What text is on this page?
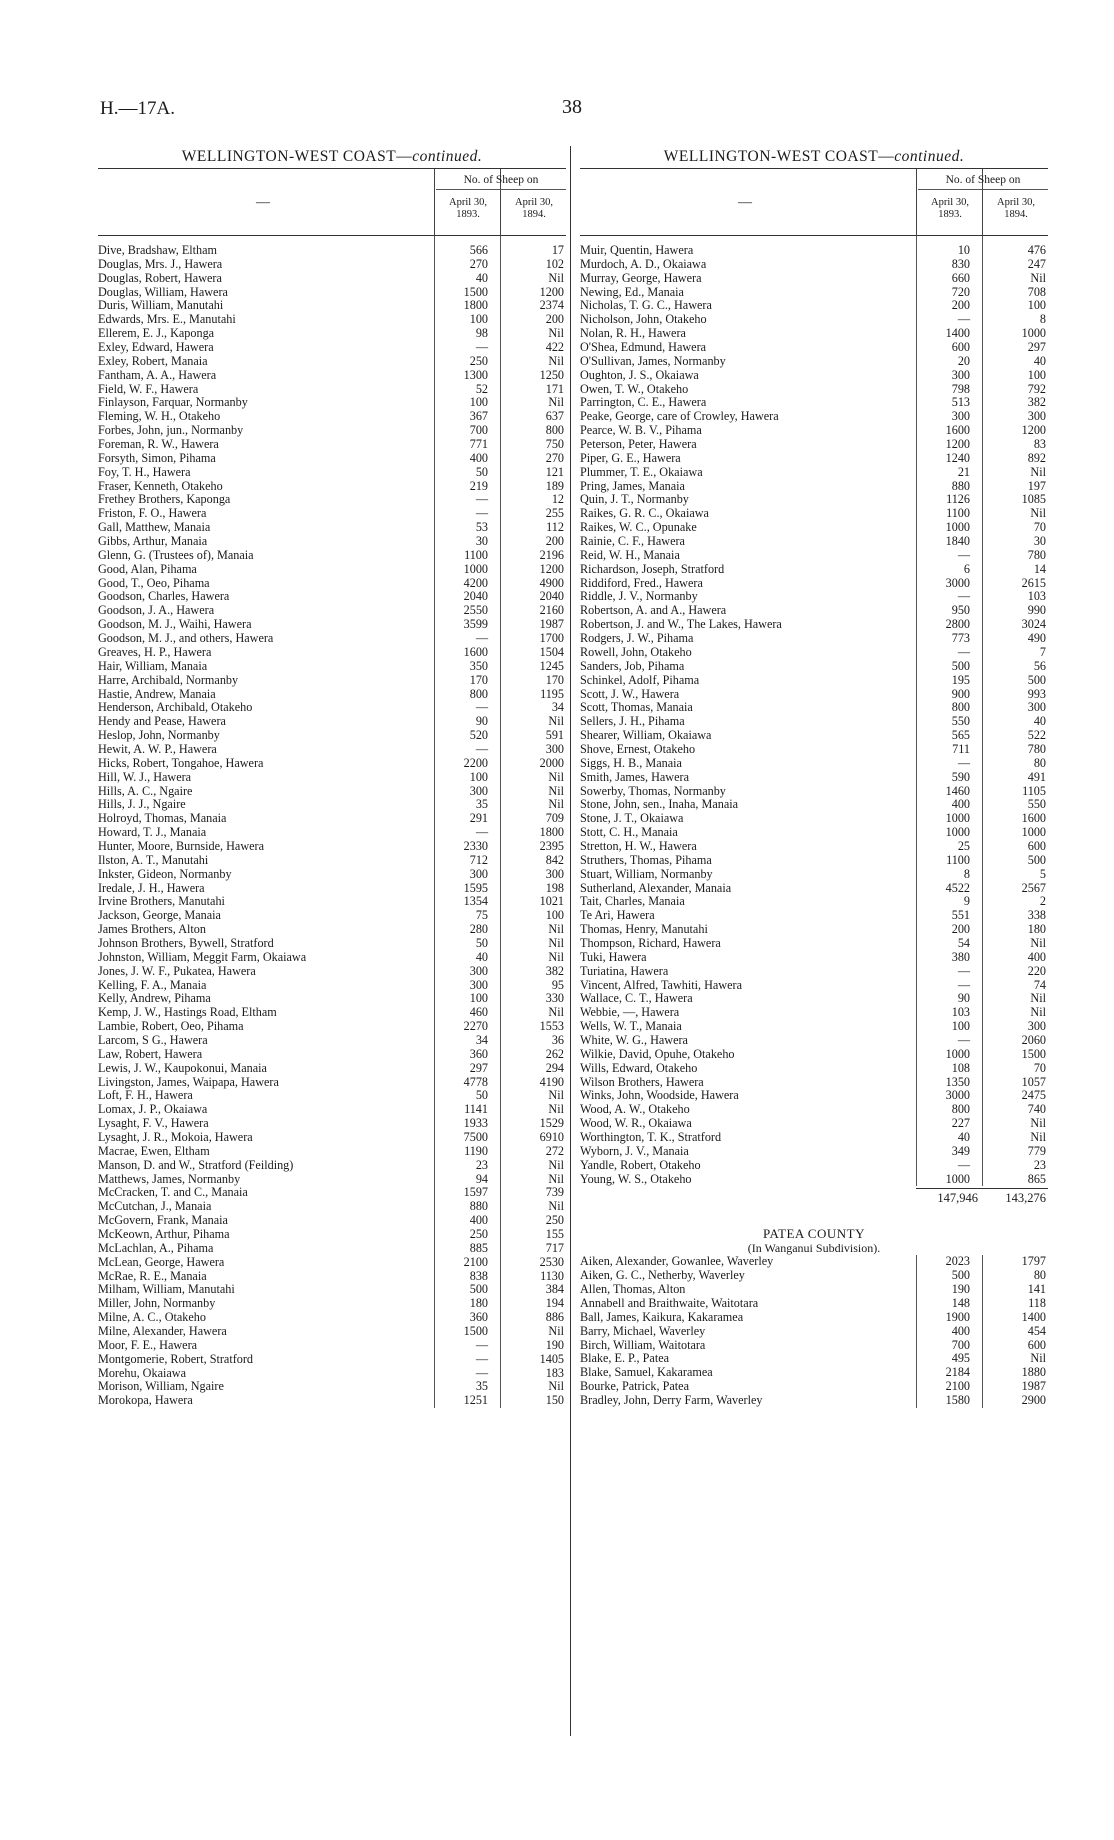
H.—17A.	38
WELLINGTON-WEST COAST—continued.
—
No. of Sheep on
April 30, 1893.
April 30, 1894.
Dive, Bradshaw, Eltham	566	17
Douglas, Mrs. J., Hawera	270	102
Douglas, Robert, Hawera	40	Nil
Douglas, William, Hawera	1500	1200
Duris, William, Manutahi	1800	2374
Edwards, Mrs. E., Manutahi	100	200
Ellerem, E. J., Kaponga	98	Nil
Exley, Edward, Hawera	—	422
Exley, Robert, Manaia	250	Nil
Fantham, A. A., Hawera	1300	1250
Field, W. F., Hawera	52	171
Finlayson, Farquar, Normanby	100	Nil
Fleming, W. H., Otakeho	367	637
Forbes, John, jun., Normanby	700	800
Foreman, R. W., Hawera	771	750
Forsyth, Simon, Pihama	400	270
Foy, T. H., Hawera	50	121
Fraser, Kenneth, Otakeho	219	189
Frethey Brothers, Kaponga	—	12
Friston, F. O., Hawera	—	255
Gall, Matthew, Manaia	53	112
Gibbs, Arthur, Manaia	30	200
Glenn, G. (Trustees of), Manaia	1100	2196
Good, Alan, Pihama	1000	1200
Good, T., Oeo, Pihama	4200	4900
Goodson, Charles, Hawera	2040	2040
Goodson, J. A., Hawera	2550	2160
Goodson, M. J., Waihi, Hawera	3599	1987
Goodson, M. J., and others, Hawera	—	1700
Greaves, H. P., Hawera	1600	1504
Hair, William, Manaia	350	1245
Harre, Archibald, Normanby	170	170
Hastie, Andrew, Manaia	800	1195
Henderson, Archibald, Otakeho	—	34
Hendy and Pease, Hawera	90	Nil
Heslop, John, Normanby	520	591
Hewit, A. W. P., Hawera	—	300
Hicks, Robert, Tongahoe, Hawera	2200	2000
Hill, W. J., Hawera	100	Nil
Hills, A. C., Ngaire	300	Nil
Hills, J. J., Ngaire	35	Nil
Holroyd, Thomas, Manaia	291	709
Howard, T. J., Manaia	—	1800
Hunter, Moore, Burnside, Hawera	2330	2395
Ilston, A. T., Manutahi	712	842
Inkster, Gideon, Normanby	300	300
Iredale, J. H., Hawera	1595	198
Irvine Brothers, Manutahi	1354	1021
Jackson, George, Manaia	75	100
James Brothers, Alton	280	Nil
Johnson Brothers, Bywell, Stratford	50	Nil
Johnston, William, Meggit Farm, Okaiawa	40	Nil
Jones, J. W. F., Pukatea, Hawera	300	382
Kelling, F. A., Manaia	300	95
Kelly, Andrew, Pihama	100	330
Kemp, J. W., Hastings Road, Eltham	460	Nil
Lambie, Robert, Oeo, Pihama	2270	1553
Larcom, S G., Hawera	34	36
Law, Robert, Hawera	360	262
Lewis, J. W., Kaupokonui, Manaia	297	294
Livingston, James, Waipapa, Hawera	4778	4190
Loft, F. H., Hawera	50	Nil
Lomax, J. P., Okaiawa	1141	Nil
Lysaght, F. V., Hawera	1933	1529
Lysaght, J. R., Mokoia, Hawera	7500	6910
Macrae, Ewen, Eltham	1190	272
Manson, D. and W., Stratford (Feilding)	23	Nil
Matthews, James, Normanby	94	Nil
McCracken, T. and C., Manaia	1597	739
McCutchan, J., Manaia	880	Nil
McGovern, Frank, Manaia	400	250
McKeown, Arthur, Pihama	250	155
McLachlan, A., Pihama	885	717
McLean, George, Hawera	2100	2530
McRae, R. E., Manaia	838	1130
Milham, William, Manutahi	500	384
Miller, John, Normanby	180	194
Milne, A. C., Otakeho	360	886
Milne, Alexander, Hawera	1500	Nil
Moor, F. E., Hawera	—	190
Montgomerie, Robert, Stratford	—	1405
Morehu, Okaiawa	—	183
Morison, William, Ngaire	35	Nil
Morokopa, Hawera	1251	150
WELLINGTON-WEST COAST—continued.
—
No. of Sheep on
April 30, 1893.
April 30, 1894.
Muir, Quentin, Hawera	10	476
Murdoch, A. D., Okaiawa	830	247
Murray, George, Hawera	660	Nil
Newing, Ed., Manaia	720	708
Nicholas, T. G. C., Hawera	200	100
Nicholson, John, Otakeho	—	8
Nolan, R. H., Hawera	1400	1000
O'Shea, Edmund, Hawera	600	297
O'Sullivan, James, Normanby	20	40
Oughton, J. S., Okaiawa	300	100
Owen, T. W., Otakeho	798	792
Parrington, C. E., Hawera	513	382
Peake, George, care of Crowley, Hawera	300	300
Pearce, W. B. V., Pihama	1600	1200
Peterson, Peter, Hawera	1200	83
Piper, G. E., Hawera	1240	892
Plummer, T. E., Okaiawa	21	Nil
Pring, James, Manaia	880	197
Quin, J. T., Normanby	1126	1085
Raikes, G. R. C., Okaiawa	1100	Nil
Raikes, W. C., Opunake	1000	70
Rainie, C. F., Hawera	1840	30
Reid, W. H., Manaia	—	780
Richardson, Joseph, Stratford	6	14
Riddiford, Fred., Hawera	3000	2615
Riddle, J. V., Normanby	—	103
Robertson, A. and A., Hawera	950	990
Robertson, J. and W., The Lakes, Hawera	2800	3024
Rodgers, J. W., Pihama	773	490
Rowell, John, Otakeho	—	7
Sanders, Job, Pihama	500	56
Schinkel, Adolf, Pihama	195	500
Scott, J. W., Hawera	900	993
Scott, Thomas, Manaia	800	300
Sellers, J. H., Pihama	550	40
Shearer, William, Okaiawa	565	522
Shove, Ernest, Otakeho	711	780
Siggs, H. B., Manaia	—	80
Smith, James, Hawera	590	491
Sowerby, Thomas, Normanby	1460	1105
Stone, John, sen., Inaha, Manaia	400	550
Stone, J. T., Okaiawa	1000	1600
Stott, C. H., Manaia	1000	1000
Stretton, H. W., Hawera	25	600
Struthers, Thomas, Pihama	1100	500
Stuart, William, Normanby	8	5
Sutherland, Alexander, Manaia	4522	2567
Tait, Charles, Manaia	9	2
Te Ari, Hawera	551	338
Thomas, Henry, Manutahi	200	180
Thompson, Richard, Hawera	54	Nil
Tuki, Hawera	380	400
Turiatina, Hawera	—	220
Vincent, Alfred, Tawhiti, Hawera	—	74
Wallace, C. T., Hawera	90	Nil
Webbie, —, Hawera	103	Nil
Wells, W. T., Manaia	100	300
White, W. G., Hawera	—	2060
Wilkie, David, Opuhe, Otakeho	1000	1500
Wills, Edward, Otakeho	108	70
Wilson Brothers, Hawera	1350	1057
Winks, John, Woodside, Hawera	3000	2475
Wood, A. W., Otakeho	800	740
Wood, W. R., Okaiawa	227	Nil
Worthington, T. K., Stratford	40	Nil
Wyborn, J. V., Manaia	349	779
Yandle, Robert, Otakeho	—	23
Young, W. S., Otakeho	1000	865
147,946	143,276
PATEA COUNTY
(In Wanganui Subdivision).
Aiken, Alexander, Gowanlee, Waverley	2023	1797
Aiken, G. C., Netherby, Waverley	500	80
Allen, Thomas, Alton	190	141
Annabell and Braithwaite, Waitotara	148	118
Ball, James, Kaikura, Kakaramea	1900	1400
Barry, Michael, Waverley	400	454
Birch, William, Waitotara	700	600
Blake, E. P., Patea	495	Nil
Blake, Samuel, Kakaramea	2184	1880
Bourke, Patrick, Patea	2100	1987
Bradley, John, Derry Farm, Waverley	1580	2900
